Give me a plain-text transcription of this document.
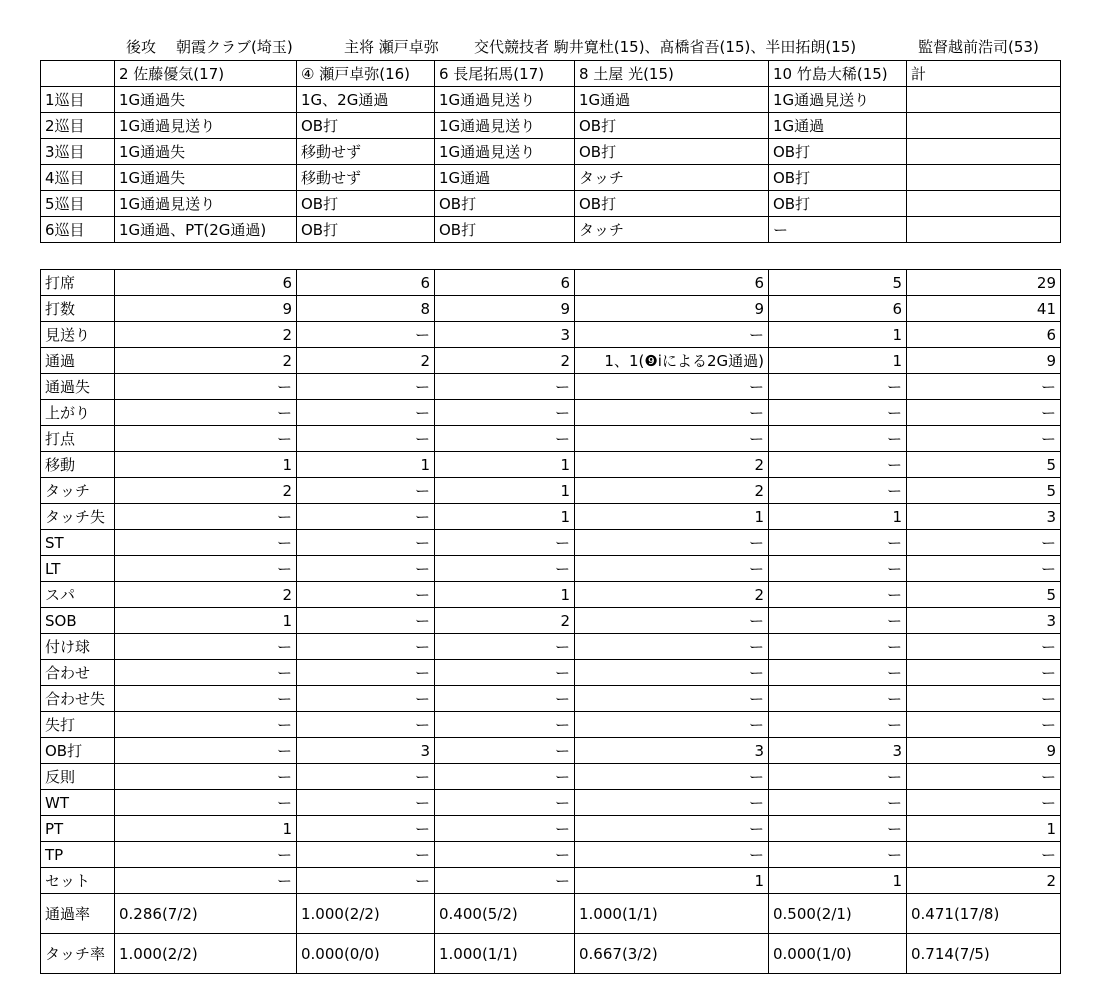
後攻 朝霞クラブ(埼玉)	主将 瀬戸卓弥 交代競技者 駒井寛杜(15)、髙橋省吾(15)、半田拓朗(15)	監督越前浩司(53)
	2 佐藤優気(17)	④ 瀬戸卓弥(16)	6 長尾拓馬(17)	8 土屋 光(15)	10 竹島大稀(15)	計
1巡目	1G通過失	1G、2G通過	1G通過見送り	1G通過	1G通過見送り	
2巡目	1G通過見送り	OB打	1G通過見送り	OB打	1G通過	
3巡目	1G通過失	移動せず	1G通過見送り	OB打	OB打	
4巡目	1G通過失	移動せず	1G通過	タッチ	OB打	
5巡目	1G通過見送り	OB打	OB打	OB打	OB打	
6巡目	1G通過、PT(2G通過)	OB打	OB打	タッチ	ー	
打席	6	6	6	6	5	29
打数	9	8	9	9	6	41
見送り	2	ー	3	ー	1	6
通過	2	2	2	1、1(❾iによる2G通過)	1	9
通過失	ー	ー	ー	ー	ー	ー
上がり	ー	ー	ー	ー	ー	ー
打点	ー	ー	ー	ー	ー	ー
移動	1	1	1	2	ー	5
タッチ	2	ー	1	2	ー	5
タッチ失	ー	ー	1	1	1	3
ST	ー	ー	ー	ー	ー	ー
LT	ー	ー	ー	ー	ー	ー
スパ	2	ー	1	2	ー	5
SOB	1	ー	2	ー	ー	3
付け球	ー	ー	ー	ー	ー	ー
合わせ	ー	ー	ー	ー	ー	ー
合わせ失	ー	ー	ー	ー	ー	ー
失打	ー	ー	ー	ー	ー	ー
OB打	ー	3	ー	3	3	9
反則	ー	ー	ー	ー	ー	ー
WT	ー	ー	ー	ー	ー	ー
PT	1	ー	ー	ー	ー	1
TP	ー	ー	ー	ー	ー	ー
セット	ー	ー	ー	1	1	2
通過率	0.286(7/2)	1.000(2/2)	0.400(5/2)	1.000(1/1)	0.500(2/1)	0.471(17/8)
タッチ率	1.000(2/2)	0.000(0/0)	1.000(1/1)	0.667(3/2)	0.000(1/0)	0.714(7/5)
